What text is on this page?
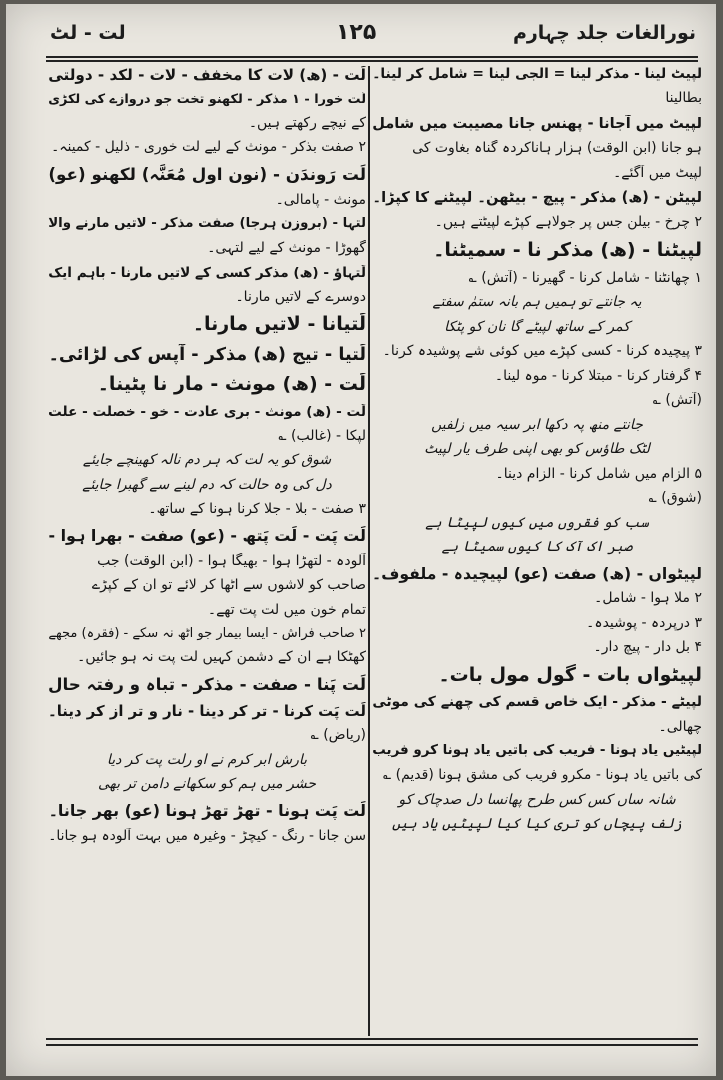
نورالغات جلد چہارم
۱۲۵
لت - لٹ
لپیٹ لینا - مذکر لینا = الجی لینا = شامل کر لینا۔
بطالینا
لپیٹ میں آجانا - پھنس جانا مصیبت میں شامل
ہو جانا (ابن الوقت) ہزار ہاناکردہ گناہ بغاوت کی
لپیٹ میں آگئے۔
لپیٹن - (ھ) مذکر - پیچ - بیٹھن۔ لپیٹنے کا کپڑا۔
۲ چرخ - بیلن جس پر جولاہے کپڑے لپیٹتے ہیں۔
لپیٹنا - (ھ) مذکر نا - سمیٹنا۔
۱ چھانٹنا - شامل کرنا - گھیرنا - (آتش) ؎
یہ جانتے تو ہمیں ہم بانہ ستمٰ سفتے
کمر کے ساتھ لپیٹے گا نان کو پٹکا
۳ پیچیدہ کرنا - کسی کپڑے میں کوئی شے پوشیدہ کرنا۔
۴ گرفتار کرنا - مبتلا کرنا - موہ لینا۔
(آتش) ؎
جانتے منھ پہ دکھا ابر سیہ میں زلفیں
لٹک طاؤس کو بھی اپنی طرف یار لپیٹ
۵ الزام میں شامل کرنا - الزام دینا۔
(شوق) ؎
سب کو فقروں میں کیوں لپیٹا ہے
صبر اک آک کا کیوں سمیٹا ہے
لپیٹواں - (ھ) صفت (عو) لپیچیدہ - ملفوف۔
۲ ملا ہوا - شامل۔
۳ درپردہ - پوشیدہ۔
۴ بل دار - پیچ دار۔
لپیٹواں بات - گول مول بات۔
لپیٹے - مذکر - ایک خاص قسم کی چھنے کی موٹی
چھالی۔
لپیٹیں یاد ہونا - فریب کی باتیں یاد ہونا کرو فریب
کی باتیں یاد ہونا - مکرو فریب کی مشق ہونا (قدیم) ؎
شانہ ساں کس کس طرح پھانسا دل صدچاک کو
زلف پیچاں کو تری کیا کیا لپیٹیں یاد ہیں
لَت - (ھ) لات کا مخفف - لات - لکد - دولتی
لَت خورا - ۱ مذکر - لکھنو تخت جو دروازے کی لکڑی
کے نیچے رکھتے ہیں۔
۲ صفت بذکر - مونث کے لیے لت خوری - ذلیل - کمینہ۔
لَت رَوندَن - (نون اول مُعَنَّہ) لکھنو (عو)
مونث - پامالی۔
لَتہا - (بروزن ہرجا) صفت مذکر - لاتیں مارنے والا
گھوڑا - مونث کے لیے لتہی۔
لَتہاؤ - (ھ) مذکر کسی کے لاتیں مارنا - باہم ایک
دوسرے کے لاتیں مارنا۔
لَتیانا - لاتیں مارنا۔
لَتیا - تیج (ھ) مذکر - آپس کی لڑائی۔
لَت - (ھ) مونث - مار نا پٹینا۔
لَت - (ھ) مونث - بری عادت - خو - خصلت - علت
لپکا - (غالب) ؎
شوق کو یہ لت کہ ہر دم نالہ کھینچے جایئے
دل کی وہ حالت کہ دم لینے سے گھبرا جایئے
۳ صفت - بلا - جلا کرنا ہونا کے ساتھ۔
لَت پَت - لَت پَتھ - (عو) صفت - بھرا ہوا -
آلودہ - لتھڑا ہوا - بھیگا ہوا - (ابن الوقت) جب
صاحب کو لاشوں سے اٹھا کر لائے تو ان کے کپڑے
تمام خون میں لت پت تھے۔
۲ صاحب فراش - ایسا بیمار جو اٹھ نہ سکے - (فقرہ) مجھے
کھٹکا ہے ان کے دشمن کہیں لت پت نہ ہو جائیں۔
لَت پَنا - صفت - مذکر - تباہ و رفتہ حال
لَت پَت کرنا - تر کر دینا - نار و تر از کر دینا۔
(ریاض) ؎
بارش ابر کرم نے او رلت پت کر دیا
حشر میں ہم کو سکھانے دامن تر بھی
لَت پَت ہونا - تھڑ تھڑ ہونا (عو) بھر جانا۔
سن جانا - رنگ - کیچڑ - وغیرہ میں بہت آلودہ ہو جانا۔
